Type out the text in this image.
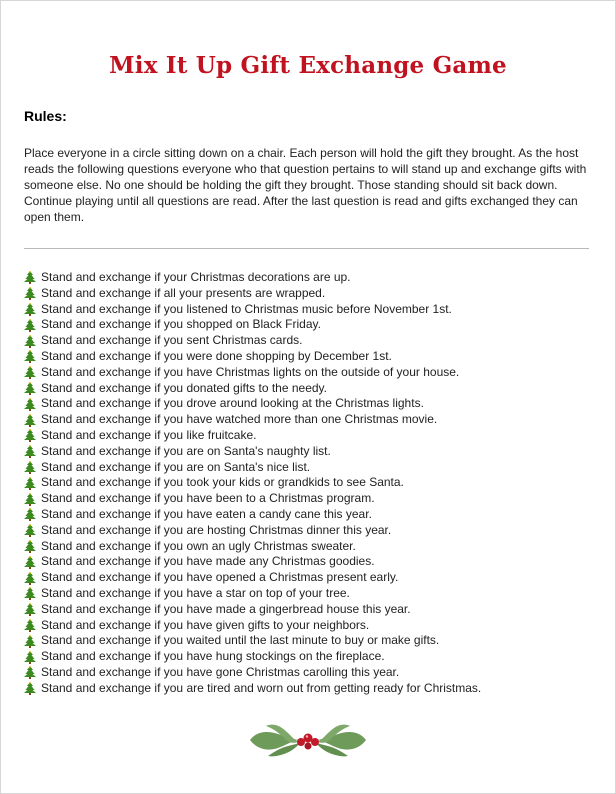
Mix It Up Gift Exchange Game
Rules:
Place everyone in a circle sitting down on a chair. Each person will hold the gift they brought. As the host reads the following questions everyone who that question pertains to will stand up and exchange gifts with someone else. No one should be holding the gift they brought. Those standing should sit back down. Continue playing until all questions are read. After the last question is read and gifts exchanged they can open them.
Stand and exchange if your Christmas decorations are up.
Stand and exchange if all your presents are wrapped.
Stand and exchange if you listened to Christmas music before November 1st.
Stand and exchange if you shopped on Black Friday.
Stand and exchange if you sent Christmas cards.
Stand and exchange if you were done shopping by December 1st.
Stand and exchange if you have Christmas lights on the outside of your house.
Stand and exchange if you donated gifts to the needy.
Stand and exchange if you drove around looking at the Christmas lights.
Stand and exchange if you have watched more than one Christmas movie.
Stand and exchange if you like fruitcake.
Stand and exchange if you are on Santa's naughty list.
Stand and exchange if you are on Santa's nice list.
Stand and exchange if you took your kids or grandkids to see Santa.
Stand and exchange if you have been to a Christmas program.
Stand and exchange if you have eaten a candy cane this year.
Stand and exchange if you are hosting Christmas dinner this year.
Stand and exchange if you own an ugly Christmas sweater.
Stand and exchange if you have made any Christmas goodies.
Stand and exchange if you have opened a Christmas present early.
Stand and exchange if you have a star on top of your tree.
Stand and exchange if you have made a gingerbread house this year.
Stand and exchange if you have given gifts to your neighbors.
Stand and exchange if you waited until the last minute to buy or make gifts.
Stand and exchange if you have hung stockings on the fireplace.
Stand and exchange if you have gone Christmas carolling this year.
Stand and exchange if you are tired and worn out from getting ready for Christmas.
